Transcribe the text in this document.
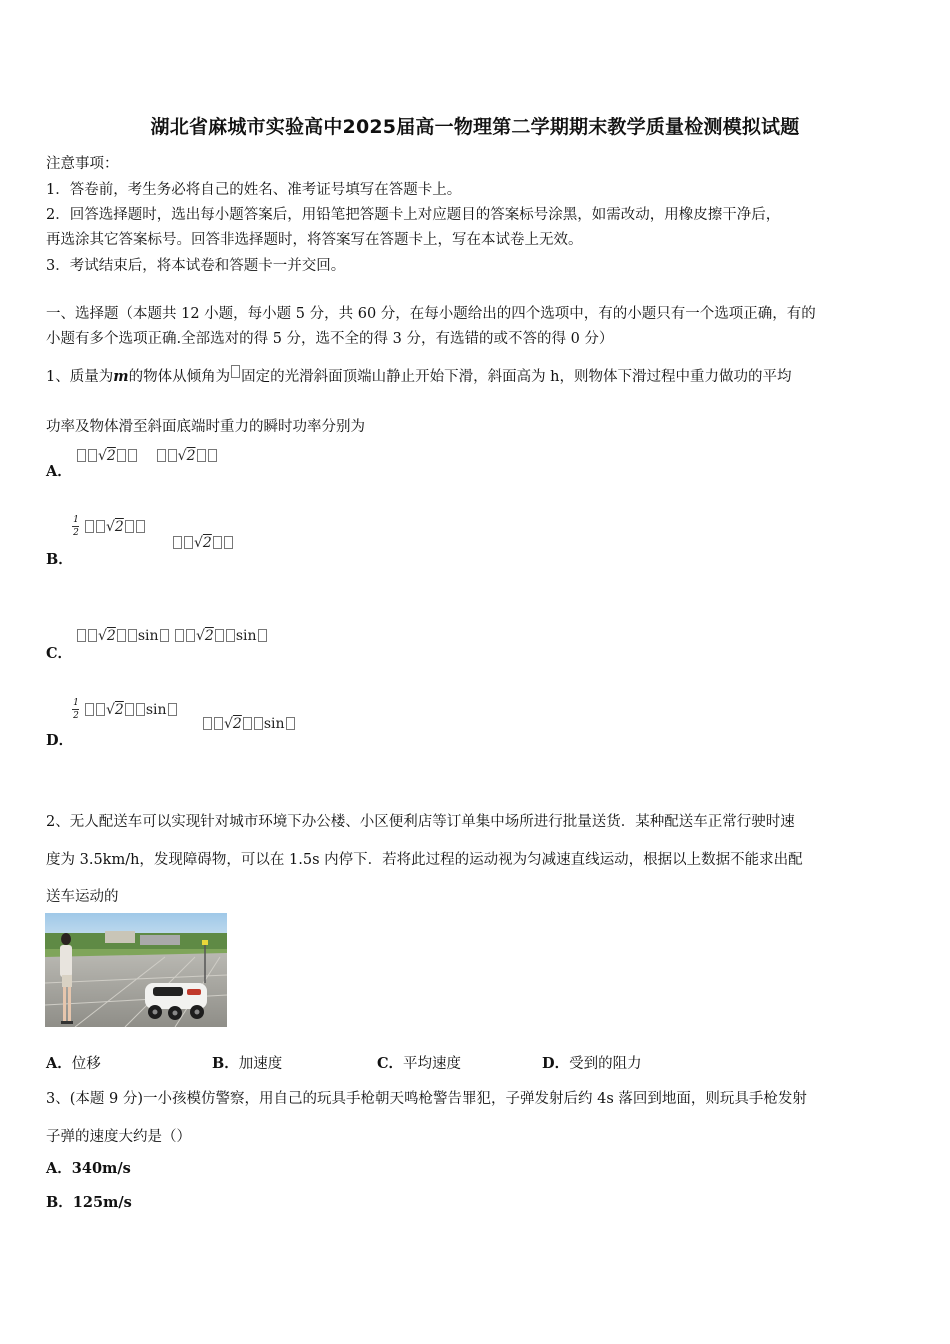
湖北省麻城市实验高中2025届高一物理第二学期期末教学质量检测模拟试题
注意事项：
1．答卷前，考生务必将自己的姓名、准考证号填写在答题卡上。
2．回答选择题时，选出每小题答案后，用铅笔把答题卡上对应题目的答案标号涂黑，如需改动，用橡皮擦干净后，
再选涂其它答案标号。回答非选择题时，将答案写在答题卡上，写在本试卷上无效。
3．考试结束后，将本试卷和答题卡一并交回。
一、选择题（本题共 12 小题，每小题 5 分，共 60 分，在每小题给出的四个选项中，有的小题只有一个选项正确，有的
小题有多个选项正确.全部选对的得 5 分，选不全的得 3 分，有选错的或不答的得 0 分）
1、质量为m的物体从倾角为 固定的光滑斜面顶端山静止开始下滑，斜面高为 h，则物体下滑过程中重力做功的平均
功率及物体滑至斜面底端时重力的瞬时功率分别为
A．
√2	√2
1
2
B．
√2
√2
C．
√2 sin	√2 sin
1
2
D．
√2 sin
√2 sin
2、无人配送车可以实现针对城市环境下办公楼、小区便利店等订单集中场所进行批量送货．某种配送车正常行驶时速
度为 3.5km/h，发现障碍物，可以在 1.5s 内停下．若将此过程的运动视为匀减速直线运动，根据以上数据不能求出配
送车运动的
A．位移	B．加速度	C．平均速度	D．受到的阻力
3、(本题 9 分)一小孩模仿警察，用自己的玩具手枪朝天鸣枪警告罪犯，子弹发射后约 4s 落回到地面，则玩具手枪发射
子弹的速度大约是（）
A．340m/s
B．125m/s
